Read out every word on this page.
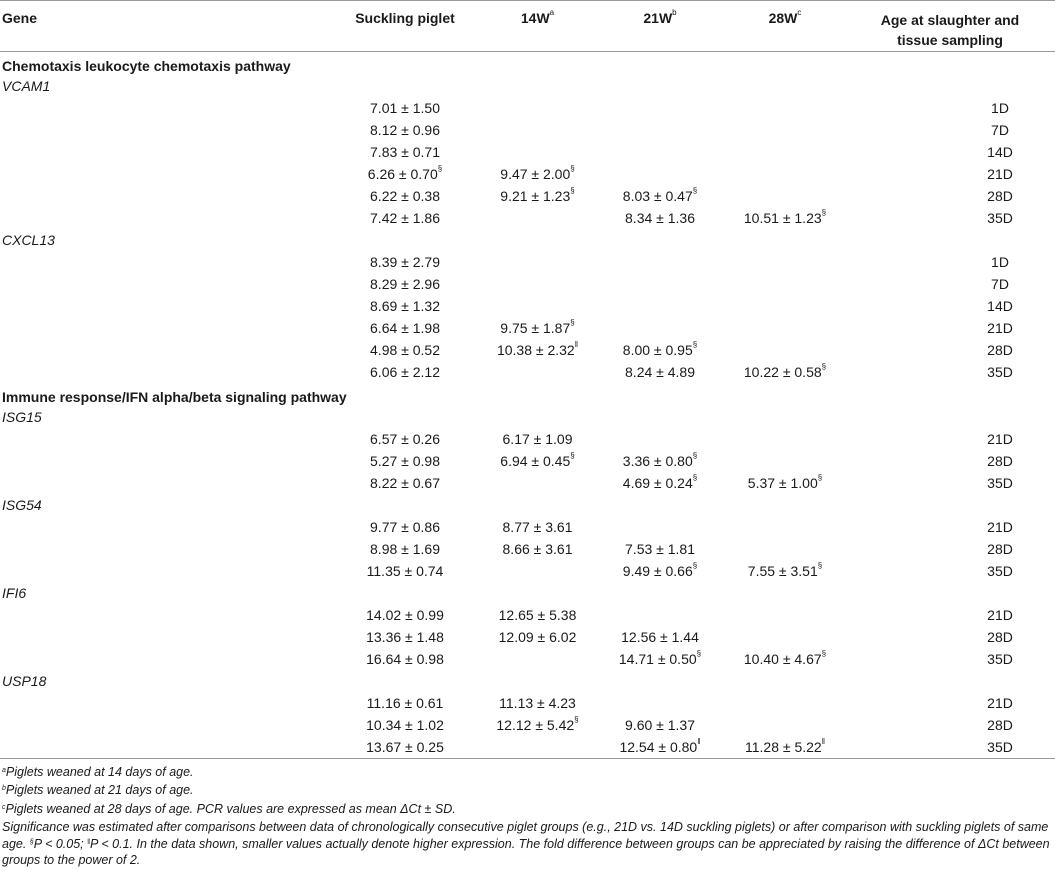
Gene	Suckling piglet	$14W^a$	$21W^b$	$28W^c$	Age at slaughter and
tissue sampling
Chemotaxis leukocyte chemotaxis pathway					
VCAM1					
	7.01 ± 1.50				1D
	8.12 ± 0.96				7D
	7.83 ± 0.71				14D
	6.26 ± 0.70§	9.47 ± 2.00§			21D
	6.22 ± 0.38	9.21 ± 1.23§	8.03 ± 0.47§		28D
	7.42 ± 1.86		8.34 ± 1.36	10.51 ± 1.23§	35D
CXCL13					
	8.39 ± 2.79				1D
	8.29 ± 2.96				7D
	8.69 ± 1.32				14D
	6.64 ± 1.98	9.75 ± 1.87§			21D
	4.98 ± 0.52	10.38 ± 2.32‖	8.00 ± 0.95§		28D
	6.06 ± 2.12		8.24 ± 4.89	10.22 ± 0.58§	35D
Immune response/IFN alpha/beta signaling pathway					
ISG15					
	6.57 ± 0.26	6.17 ± 1.09			21D
	5.27 ± 0.98	6.94 ± 0.45§	3.36 ± 0.80§		28D
	8.22 ± 0.67		4.69 ± 0.24§	5.37 ± 1.00§	35D
ISG54					
	9.77 ± 0.86	8.77 ± 3.61			21D
	8.98 ± 1.69	8.66 ± 3.61	7.53 ± 1.81		28D
	11.35 ± 0.74		9.49 ± 0.66§	7.55 ± 3.51§	35D
IFI6					
	14.02 ± 0.99	12.65 ± 5.38			21D
	13.36 ± 1.48	12.09 ± 6.02	12.56 ± 1.44		28D
	16.64 ± 0.98		14.71 ± 0.50§	10.40 ± 4.67§	35D
USP18					
	11.16 ± 0.61	11.13 ± 4.23			21D
	10.34 ± 1.02	12.12 ± 5.42§	9.60 ± 1.37		28D
	13.67 ± 0.25		12.54 ± 0.80‖	11.28 ± 5.22‖	35D

$^a$Piglets weaned at 14 days of age.

$^b$Piglets weaned at 21 days of age.

$^c$Piglets weaned at 28 days of age. PCR values are expressed as mean ΔCt ± SD.

Significance was estimated after comparisons between data of chronologically consecutive piglet groups (e.g., 21D vs. 14D suckling piglets) or after comparison with suckling piglets of same age. §P < 0.05; ‖P < 0.1. In the data shown, smaller values actually denote higher expression. The fold difference between groups can be appreciated by raising the difference of ΔCt between groups to the power of 2.
